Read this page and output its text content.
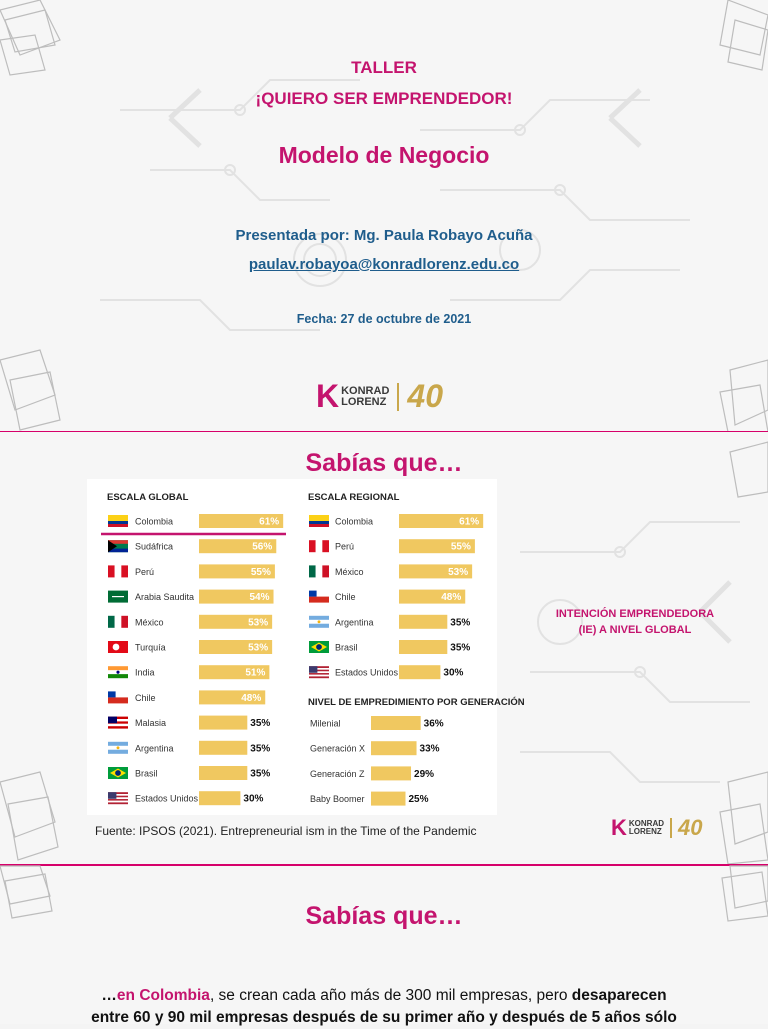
TALLER
¡QUIERO SER EMPRENDEDOR!
Modelo de Negocio
Presentada por: Mg. Paula Robayo Acuña
paulav.robayoa@konradlorenz.edu.co
Fecha: 27 de octubre de 2021
K KONRAD
LORENZ 40
Sabías que…
ESCALA GLOBAL
Colombia	61%
Sudáfrica	56%
Perú	55%
Arabia Saudita	54%
México	53%
Turquía	53%
India	51%
Chile	48%
Malasia	35%
Argentina	35%
Brasil	35%
Estados Unidos	30%
ESCALA REGIONAL
Colombia	61%
Perú	55%
México	53%
Chile	48%
Argentina	35%
Brasil	35%
Estados Unidos	30%
NIVEL DE EMPREDIMIENTO POR GENERACIÓN
Milenial	36%
Generación X	33%
Generación Z	29%
Baby Boomer	25%
INTENCIÓN EMPRENDEDORA (IE) A NIVEL GLOBAL
Fuente: IPSOS (2021). Entrepreneurial ism in the Time of the Pandemic	K KONRAD
LORENZ 40
Sabías que…
…en Colombia, se crean cada año más de 300 mil empresas, pero desaparecen
entre 60 y 90 mil empresas después de su primer año y después de 5 años sólo
